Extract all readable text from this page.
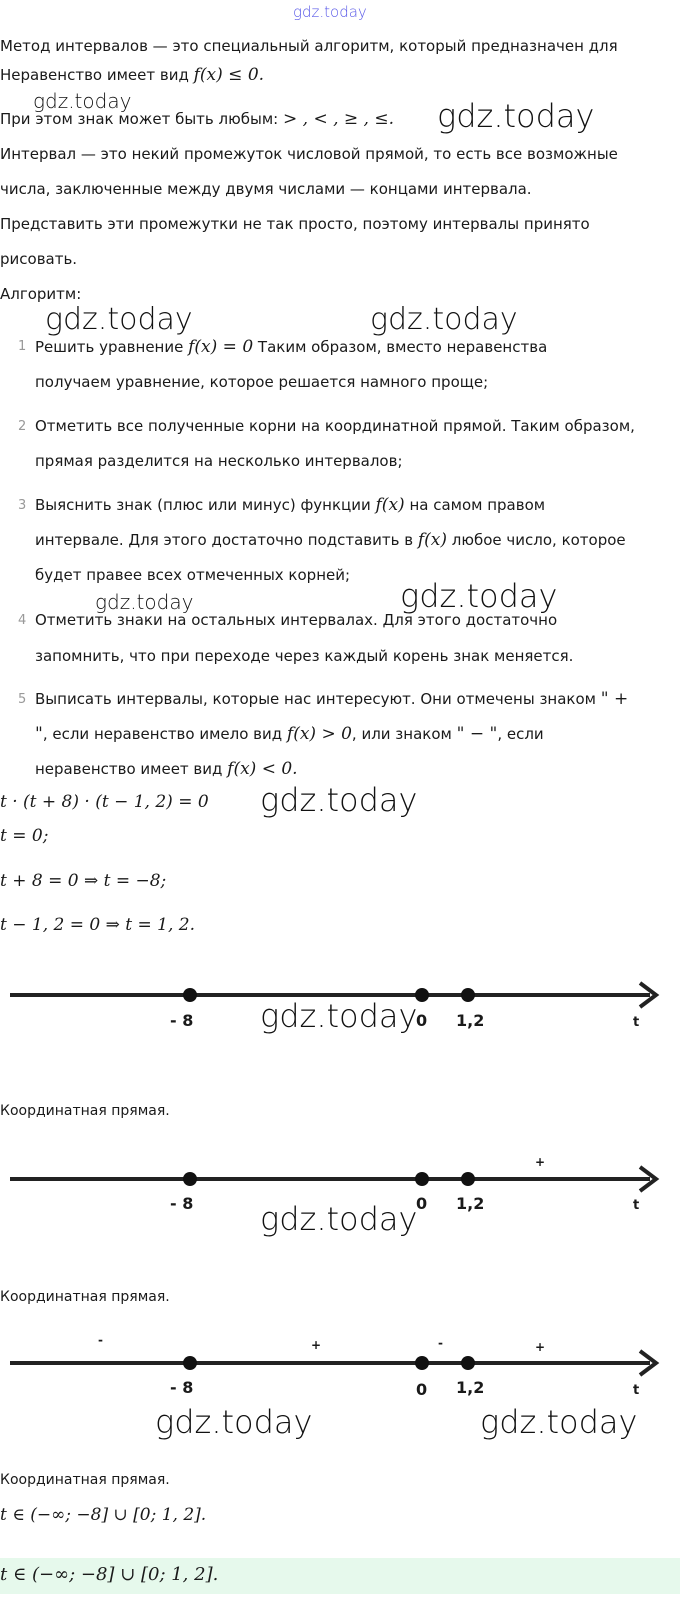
gdz.today
Метод интервалов — это специальный алгоритм, который предназначен для
Неравенство имеет вид f(x) ≤ 0.
gdz.today
При этом знак может быть любым: > , < , ≥ , ≤. gdz.today
Интервал — это некий промежуток числовой прямой, то есть все возможные
числа, заключенные между двумя числами — концами интервала.
Представить эти промежутки не так просто, поэтому интервалы принято
рисовать.
Алгоритм:
gdz.today	gdz.today
1 Решить уравнение f(x) = 0 Таким образом, вместо неравенства
получаем уравнение, которое решается намного проще;
2 Отметить все полученные корни на координатной прямой. Таким образом,
прямая разделится на несколько интервалов;
3 Выяснить знак (плюс или минус) функции f(x) на самом правом
интервале. Для этого достаточно подставить в f(x) любое число, которое
будет правее всех отмеченных корней;
gdz.today	gdz.today
4 Отметить знаки на остальных интервалах. Для этого достаточно
запомнить, что при переходе через каждый корень знак меняется.
5 Выписать интервалы, которые нас интересуют. Они отмечены знаком " +
", если неравенство имело вид f(x) > 0, или знаком " − ", если
неравенство имеет вид f(x) < 0.
t · (t + 8) · (t − 1, 2) = 0 gdz.today
t = 0;
t + 8 = 0 ⇒ t = −8;
t − 1, 2 = 0 ⇒ t = 1, 2.
- 8	0 1,2	t
gdz.today
Координатная прямая.
+
- 8	0 1,2	t
gdz.today
Координатная прямая.
-	+	-	+
- 8	0 1,2	t
gdz.today	gdz.today
Координатная прямая.
t ∈ (−∞; −8] ∪ [0; 1, 2].
t ∈ (−∞; −8] ∪ [0; 1, 2].
